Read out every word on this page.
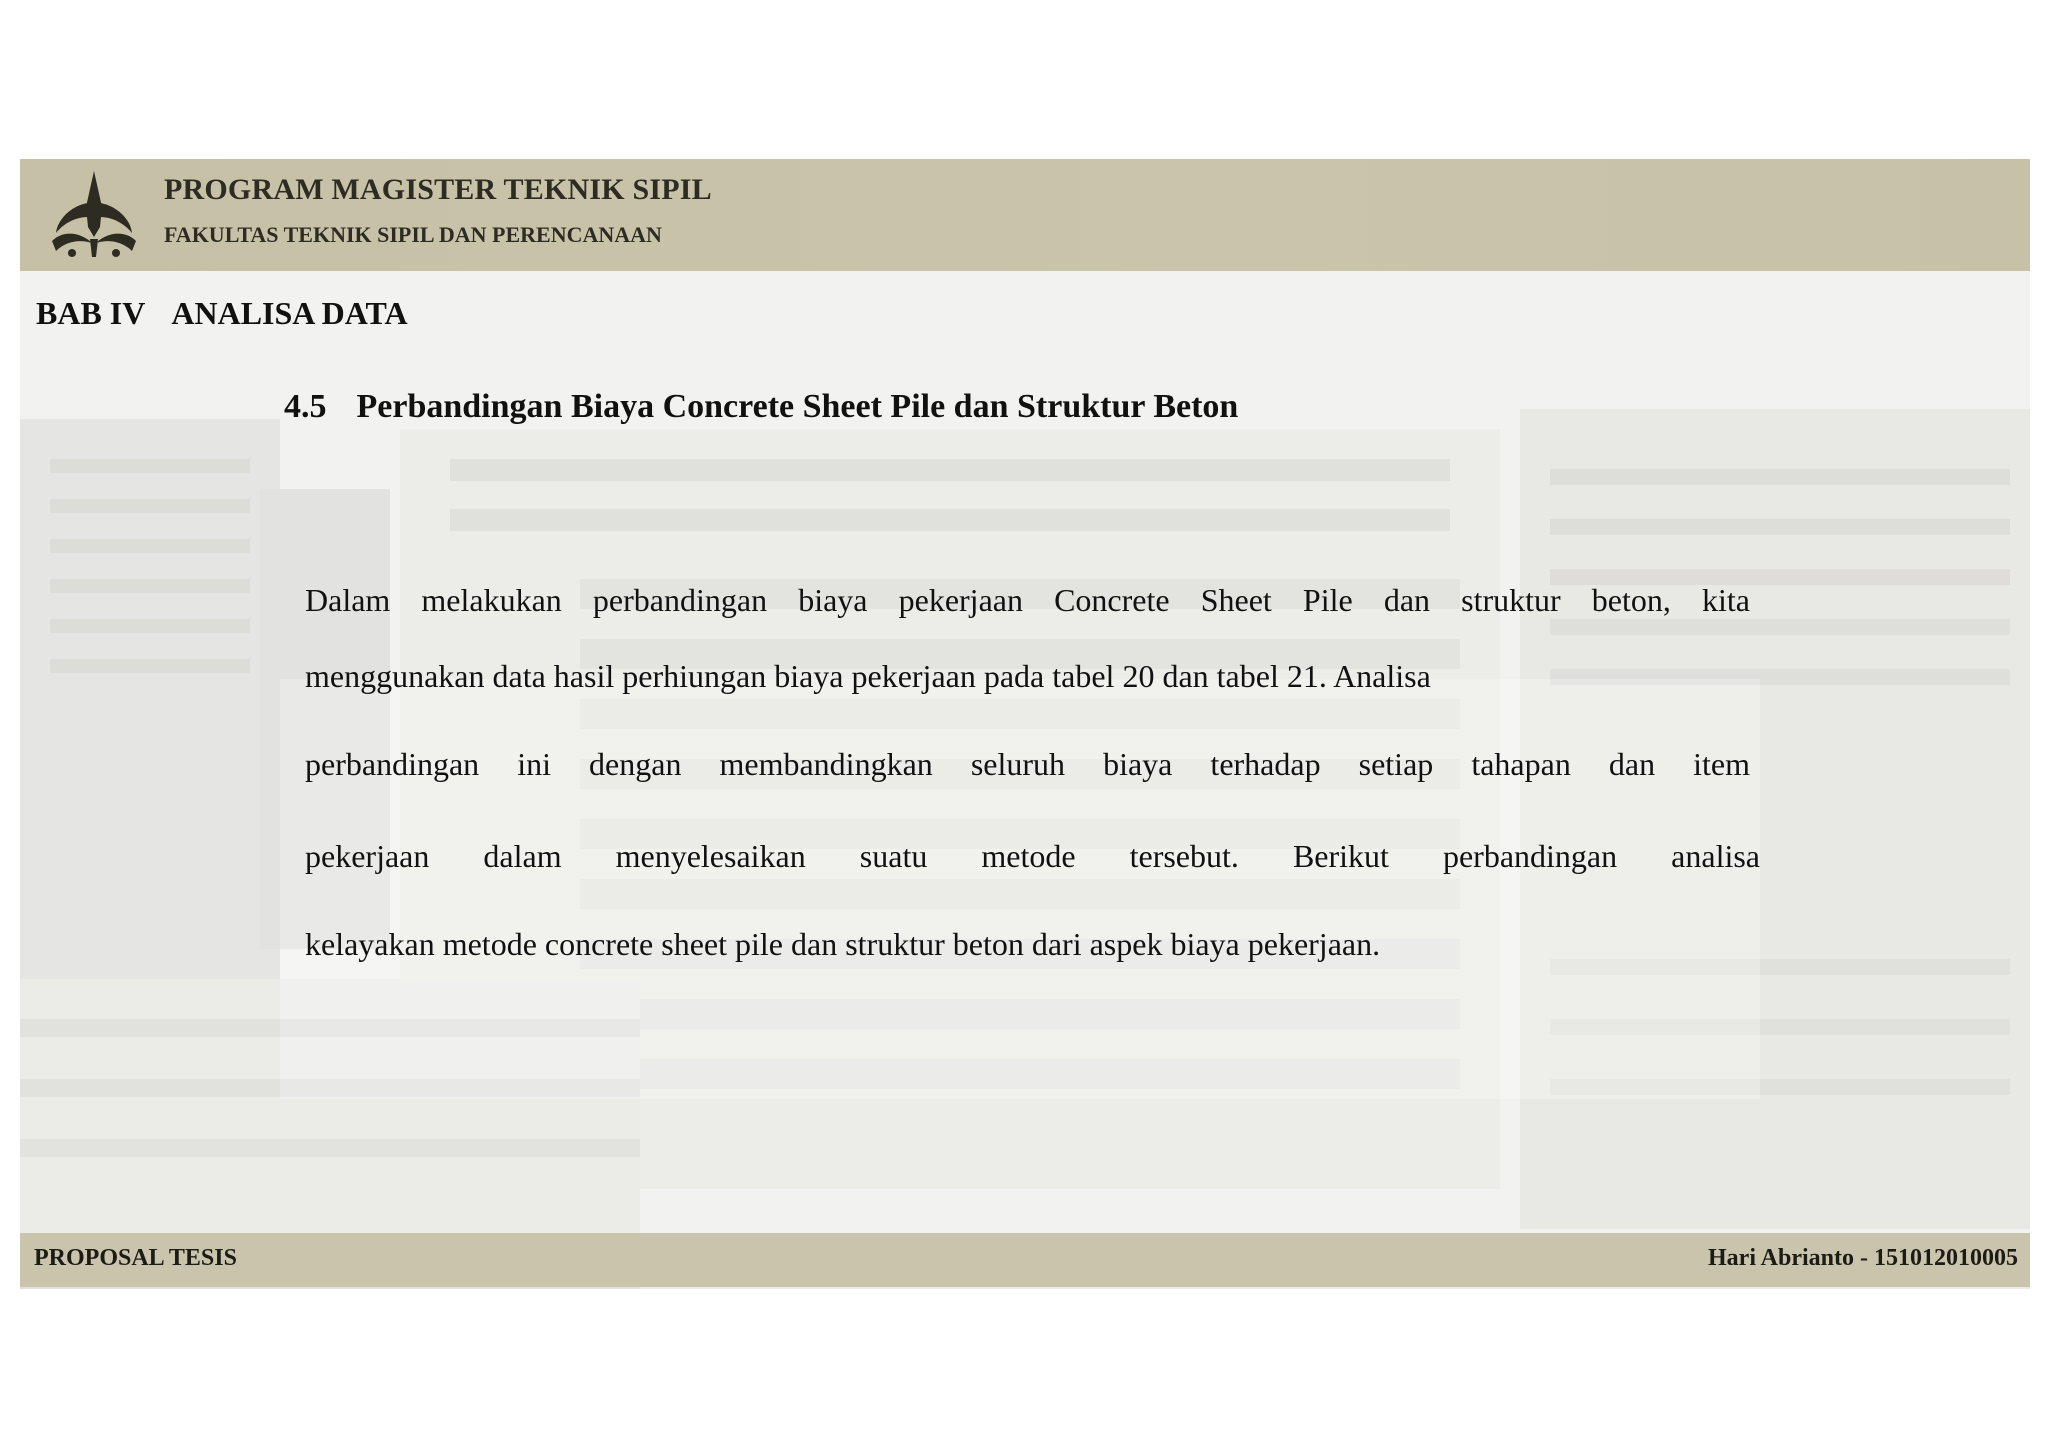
PROGRAM MAGISTER TEKNIK SIPIL
FAKULTAS TEKNIK SIPIL DAN PERENCANAAN
BAB IV ANALISA DATA
4.5 Perbandingan Biaya Concrete Sheet Pile dan Struktur Beton
Dalam melakukan perbandingan biaya pekerjaan Concrete Sheet Pile dan struktur beton, kita
menggunakan data hasil perhiungan biaya pekerjaan pada tabel 20 dan tabel 21. Analisa
perbandingan ini dengan membandingkan seluruh biaya terhadap setiap tahapan dan item
pekerjaan dalam menyelesaikan suatu metode tersebut. Berikut perbandingan analisa
kelayakan metode concrete sheet pile dan struktur beton dari aspek biaya pekerjaan.
PROPOSAL TESIS	Hari Abrianto - 151012010005
